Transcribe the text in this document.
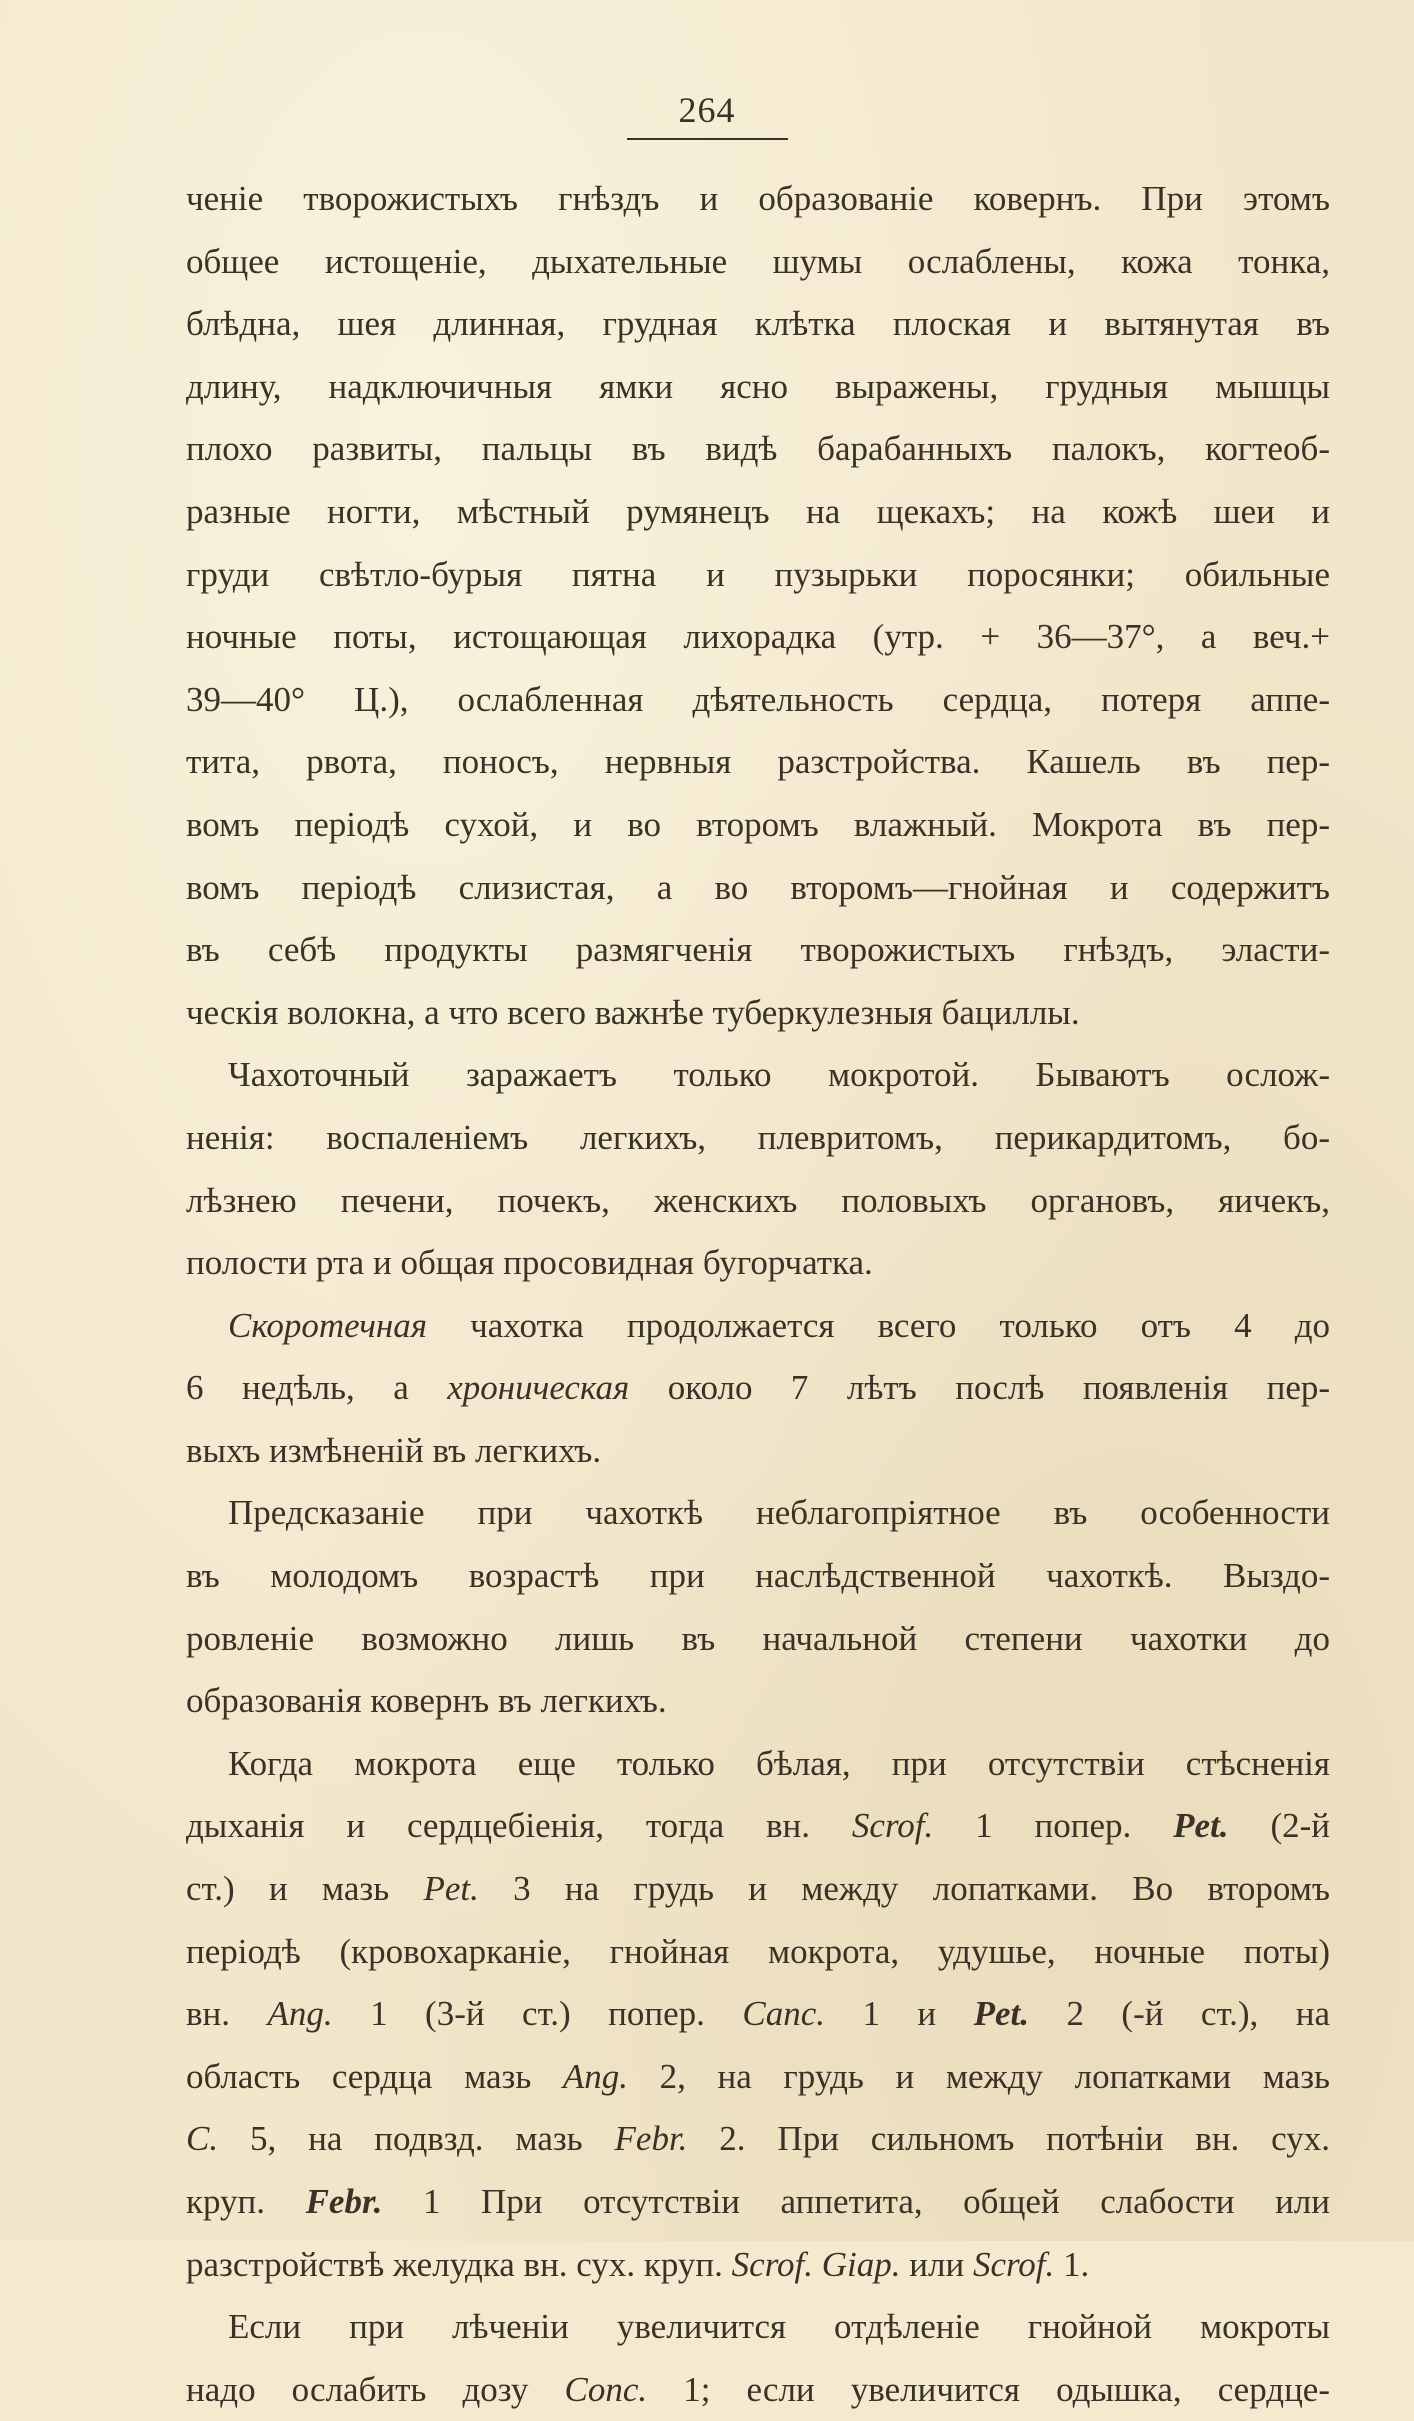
264
ченіе творожистыхъ гнѣздъ и образованіе ковернъ. При этомъ
общее истощеніе, дыхательные шумы ослаблены, кожа тонка,
блѣдна, шея длинная, грудная клѣтка плоская и вытянутая въ
длину, надключичныя ямки ясно выражены, грудныя мышцы
плохо развиты, пальцы въ видѣ барабанныхъ палокъ, когтеоб-
разные ногти, мѣстный румянецъ на щекахъ; на кожѣ шеи и
груди свѣтло-бурыя пятна и пузырьки поросянки; обильные
ночные поты, истощающая лихорадка (утр. + 36—37°, а веч.+
39—40° Ц.), ослабленная дѣятельность сердца, потеря аппе-
тита, рвота, поносъ, нервныя разстройства. Кашель въ пер-
вомъ періодѣ сухой, и во второмъ влажный. Мокрота въ пер-
вомъ періодѣ слизистая, а во второмъ—гнойная и содержитъ
въ себѣ продукты размягченія творожистыхъ гнѣздъ, эласти-
ческія волокна, а что всего важнѣе туберкулезныя бациллы.
Чахоточный заражаетъ только мокротой. Бываютъ ослож-
ненія: воспаленіемъ легкихъ, плевритомъ, перикардитомъ, бо-
лѣзнею печени, почекъ, женскихъ половыхъ органовъ, яичекъ,
полости рта и общая просовидная бугорчатка.
Скоротечная чахотка продолжается всего только отъ 4 до
6 недѣль, а хроническая около 7 лѣтъ послѣ появленія пер-
выхъ измѣненій въ легкихъ.
Предсказаніе при чахоткѣ неблагопріятное въ особенности
въ молодомъ возрастѣ при наслѣдственной чахоткѣ. Выздо-
ровленіе возможно лишь въ начальной степени чахотки до
образованія ковернъ въ легкихъ.
Когда мокрота еще только бѣлая, при отсутствіи стѣсненія
дыханія и сердцебіенія, тогда вн. Scrof. 1 попер. Pet. (2-й
ст.) и мазь Pet. 3 на грудь и между лопатками. Во второмъ
періодѣ (кровохарканіе, гнойная мокрота, удушье, ночные поты)
вн. Ang. 1 (3-й ст.) попер. Canc. 1 и Pet. 2 (-й ст.), на
область сердца мазь Ang. 2, на грудь и между лопатками мазь
C. 5, на подвзд. мазь Febr. 2. При сильномъ потѣніи вн. сух.
круп. Febr. 1 При отсутствіи аппетита, общей слабости или
разстройствѣ желудка вн. сух. круп. Scrof. Giap. или Scrof. 1.
Если при лѣченіи увеличится отдѣленіе гнойной мокроты
надо ослабить дозу Conc. 1; если увеличится одышка, сердце-
